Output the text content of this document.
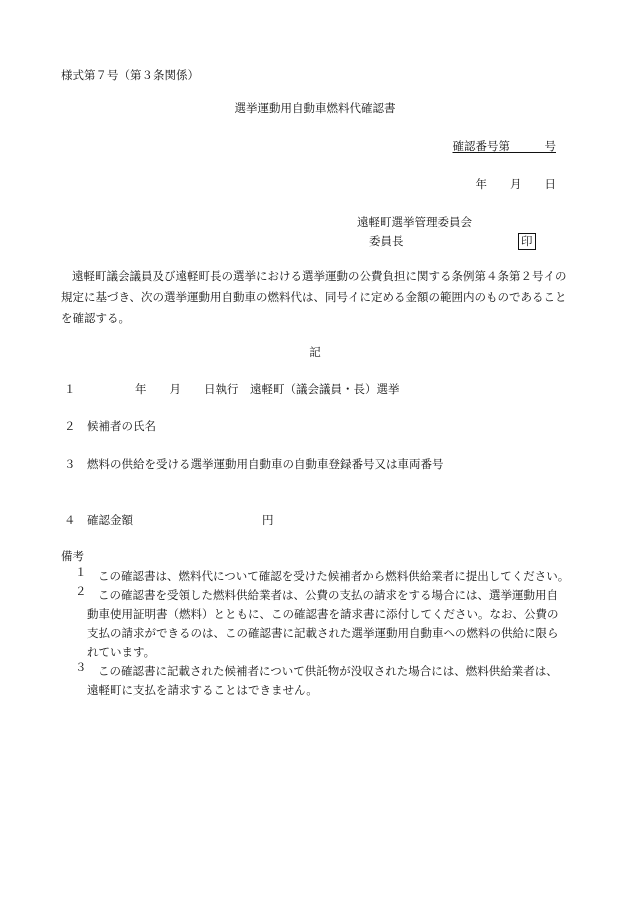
様式第７号（第３条関係）
選挙運動用自動車燃料代確認書
確認番号第　　　号
年　　月　　日
遠軽町選挙管理委員会
委員長	印
遠軽町議会議員及び遠軽町長の選挙における選挙運動の公費負担に関する条例第４条第２号イの規定に基づき、次の選挙運動用自動車の燃料代は、同号イに定める金額の範囲内のものであることを確認する。
記
１	年　　月　　日執行　遠軽町（議会議員・長）選挙
２ 候補者の氏名
３ 燃料の供給を受ける選挙運動用自動車の自動車登録番号又は車両番号
４ 確認金額	円
備考
１	この確認書は、燃料代について確認を受けた候補者から燃料供給業者に提出してください。
２	この確認書を受領した燃料供給業者は、公費の支払の請求をする場合には、選挙運動用自動車使用証明書（燃料）とともに、この確認書を請求書に添付してください。なお、公費の支払の請求ができるのは、この確認書に記載された選挙運動用自動車への燃料の供給に限られています。
３	この確認書に記載された候補者について供託物が没収された場合には、燃料供給業者は、遠軽町に支払を請求することはできません。
